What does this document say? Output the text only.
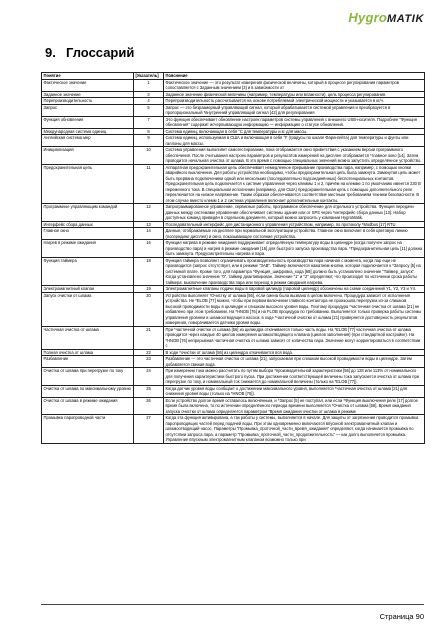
HygroMATIK
9. Глоссарий
Понятие	[Указатель]	Пояснение
Фактическое значение	1	Фактическое значение — это результат измерения физической величины, который в процессе регулирования параметров сопоставляется с Заданным значением [3] и в зависимости от
Заданное значение	3	Заданное значение физической величины (например, температуры или влажности), цель процесса регулирования.
Перепроизводительность	4	Перепроизводительность рассчитывается на основе потребляемой электрической мощности и указывается в кг/ч.
Запрос	5	Запрос — это безразмерный управляющий сигнал, который обрабатывается системой управления и преобразуется в пропорциональный *внутренний управляющий сигнал [42] для регулирования
Функция обновления	7	Это функция обеспечивает обновление настроек параметров системы управления с внешнего USB-носителя. Подробнее "Функция обновления" содержит исчерпывающую информацию — информацию о статусе обновления.
Международная система единиц	8	Система единиц, включающая в себя °C для температуры и кг для массы.
Английская система мер	9	Система единиц, используемая в США и включающая в себя °F (градусы по шкале Фаренгейта) для температуры и фунты или галлоны для массы.
Инициализация	10	Система управления выполняет самотестирование, пока отображается окно приветствия с указанием версии программного обеспечения. После считывания настроек параметров и результатов измерений на дисплее отображается *главное окно [14]. Затем проводится начальная очистка от шлама. В это время с помощью специальных значений можно запустить определённое устройство.
Предохранительная цепь	11	Аппаратная предохранительная цепь обеспечивает немедленное прерывание производства пара, например, с помощью кнопки аварийного выключения. Для работы устройства необходимо, чтобы предохранительная цепь была замкнута. Замкнутая цепь может быть прервана подключением одной или нескольких (последовательно подсоединённых) беспотенциальных контактов. Предохранительная цепь подключается к системе управления через клеммы 1 и 2, причём на клемме 1 по умолчанию имеется 230 В переменного тока. В специальном исполнении (например, для США) предохранительная цепь с помощью дополнительного реле переключается на низкое напряжение. Таким образом обеспечивается соответствие местным требованиям техники безопасности. В этом случае вместо клемм 1 и 2 система управления включает дополнительные контакты.
Программное управляющим командой	12	Запрограммированное управление, сервисные работы, программное обеспечение для отдельного устройства. Функция передачи данных между системами управления обеспечивает системы здания или от SPS через *интерфейс сбора данных [13]. Набор доступных команд приведён в отдельном документе, который можно запросить у компании HygroMatik.
Интерфейс сбора данных	13	Последовательный интерфейс для дистанционного управления устройством, например, по протоколу *Modbus [17] RTU.
Главное окно	14	Данные, отображаемые на дисплее при нормальной эксплуатации устройства. Главное окно включает в себя цветовую линию (посередине дисплея) и окно, показывающее состояние устройства.
Нагрев в режиме ожидания	16	Функция нагрева в режиме ожидания поддерживает определённую температуру воды в цилиндре (когда получен запрос на производство пара) и нагрев в режиме ожидания [16] для быстрого запуска производства пара. *Предохранительная цепь [11] должна быть замкнута. Предусмотрительны нагрева и пара.
Функция таймера	18	Функция таймера позволяет ограничивать производительность производства пара начиная с момента, когда пар еще не производится (запрос отсутствует, или в режиме "ЗАВ". Таймер включается нажатием кнопки, которая подключается к *Запросу [5] на системной плате. Кроме того, для параметра "Функция_шифровка_хода [68] должно быть установлено значение "Таймер_запуск". Когда установлено значение "0", таймер деактивирован. Значение "1" и "2" определяют, что происходит по истечении срока работы таймера: выключение производства пара или переход в режим ожидания нагрева.
Электромагнитный клапан	19	Электромагнитные клапаны подачи воды в паровой цилиндр (паровой цилиндр) обозначены на схеме соединений Y1, Y2, Y3 и Y4.
Запуск очистки от шлама	20	Устройство выполняет *Очистку от шлама [56], если смена была вызвана в целом включено. Процедура зависит от исполнения устройства. Не *ЕLOB [77] можно, чтобы при первом включении главного контактора не произошла перегрузка из-за слишком высокой проводимости воды в цилиндре и слишком высокого уровня воды. Поэтому процедура *частичная очистка от шлама [21] не избавлено при этом требовании. На *HNOB [76] и на FLOB процедура по требованию. Выполняется только проверка работы системы управления уровнем и шламоотводящего насоса: в ходе *частичной очистки от шлама [21] проверяется достоверность результатов измерения, поворачивается датчики уровня воды.
Частичная очистка от шлама	21	При *частичной очистке от шлама [56] из цилиндра откачивается только часть воды. На *ELOB [77] частичная очистка от шлама проводится через каждые 40 циклов измерения шламоотводящего клапана (циклов заполнения) (при стандартной настройке). На *HNOB [76] непрерывная частичная очистка от шлама зависит от количества пара. Значение могут корректироваться в соответствии с
Полная очистка от шлама	22	В ходе *очистки от шлама [56] из цилиндра откачивается вся вода.
Разбавление	23	Разбавление — это частичная очистка от шлама [21], запускаемая при слишком высокой проводимости воды в цилиндре. Затем добавляется свежая вода.
Очистка от шлама при перегрузке по току	24	При измерении тока можно рассчитать по путям выбора *производительной характеристики [56] до 128 или 113% от номинального для получения характеристики быстрого пуска. При достижении соответствующей величины тока запускается очистка от шлама при перегрузке по току, и номинальный ток снижается до номинальной величины (только на *ELOB [77]).
Очистка от шлама по максимальному уровню	25	Когда датчик уровня воды сообщает о достижении максимального уровня, выполняется *частичная очистка от шлама [21] для снижения уровня воды (только на *HNOB [76]).
Очистка от шлама в режиме ожидания	26	Если устройство долгое время оставалось включённым, и *Запрос [5] не поступал, или если *Функция выключения реле [17] долгое время была включена, то по истечении определённого периода времени выполняется *Очистка от шлама [56]. Время ожидания запуска очистки от шлама определяется параметром "Время ожидания очистки от шлама в режиме
Промывка паропроводной части	27	Когда эта функция активирована, а так работы у системы, выполняется в начале. Для защиты от загрязнения проводится промывка паропроводящих частей перед подачей воды. При этом одновременно включаются впускной электромагнитный клапан и шламоотводящий насос. Параметры "Промывка_проточной_части_время_ожидания" определяют, когда начинается промывка по отсутствии запроса пара, а параметр "Промывка_проточной_части_продолжительность" — как долго выполняется промывка. Управление впускным электромагнитным клапаном возможно только при
Страница 90
